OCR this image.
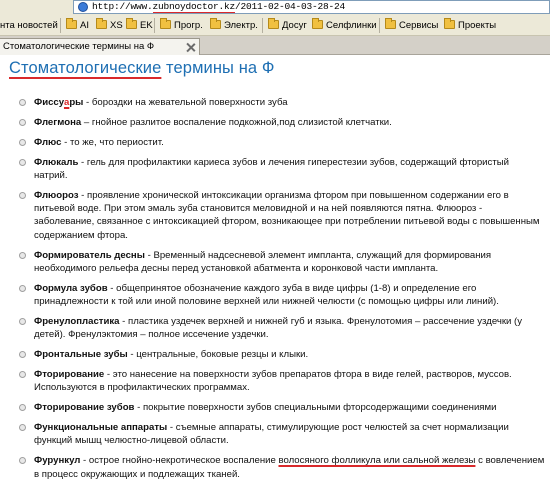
http://www.zubnoydoctor.kz/2011-02-04-03-28-24
нта новостей	AI	XS	EK	Прогр.	Электр.	Досуг	Селфлинки	Сервисы	Проекты
Стоматологические термины на Ф
Стоматологические термины на Ф
Фиссуары - бороздки на жевательной поверхности зуба
Флегмона – гнойное разлитое воспаление подкожной,под слизистой клетчатки.
Флюс - то же, что периостит.
Флюкаль - гель для профилактики кариеса зубов и лечения гиперестезии зубов, содержащий фтористый натрий.
Флюороз - проявление хронической интоксикации организма фтором при повышенном содержании его в питьевой воде. При этом эмаль зуба становится меловидной и на ней появляются пятна. Флюороз - заболевание, связанное с интоксикацией фтором, возникающее при потреблении питьевой воды с повышенным содержанием фтора.
Формирователь десны - Временный надсесневой элемент импланта, служащий для формирования необходимого рельефа десны перед установкой абатмента и коронковой части импланта.
Формула зубов - общепринятое обозначение каждого зуба в виде цифры (1-8) и определение его принадлежности к той или иной половине верхней или нижней челюсти (с помощью цифры или линий).
Френулопластика - пластика уздечек верхней и нижней губ и языка. Френулотомия – рассечение уздечки (у детей). Френулэктомия – полное иссечение уздечки.
Фронтальные зубы - центральные, боковые резцы и клыки.
Фторирование - это нанесение на поверхности зубов препаратов фтора в виде гелей, растворов, муссов. Используются в профилактических программах.
Фторирование зубов - покрытие поверхности зубов специальными фторсодержащими соединениями
Функциональные аппараты - съемные аппараты, стимулирующие рост челюстей за счет нормализации функций мышц челюстно-лицевой области.
Фурункул - острое гнойно-некротическое воспаление волосяного фолликула или сальной железы с вовлечением в процесс окружающих и подлежащих тканей.
